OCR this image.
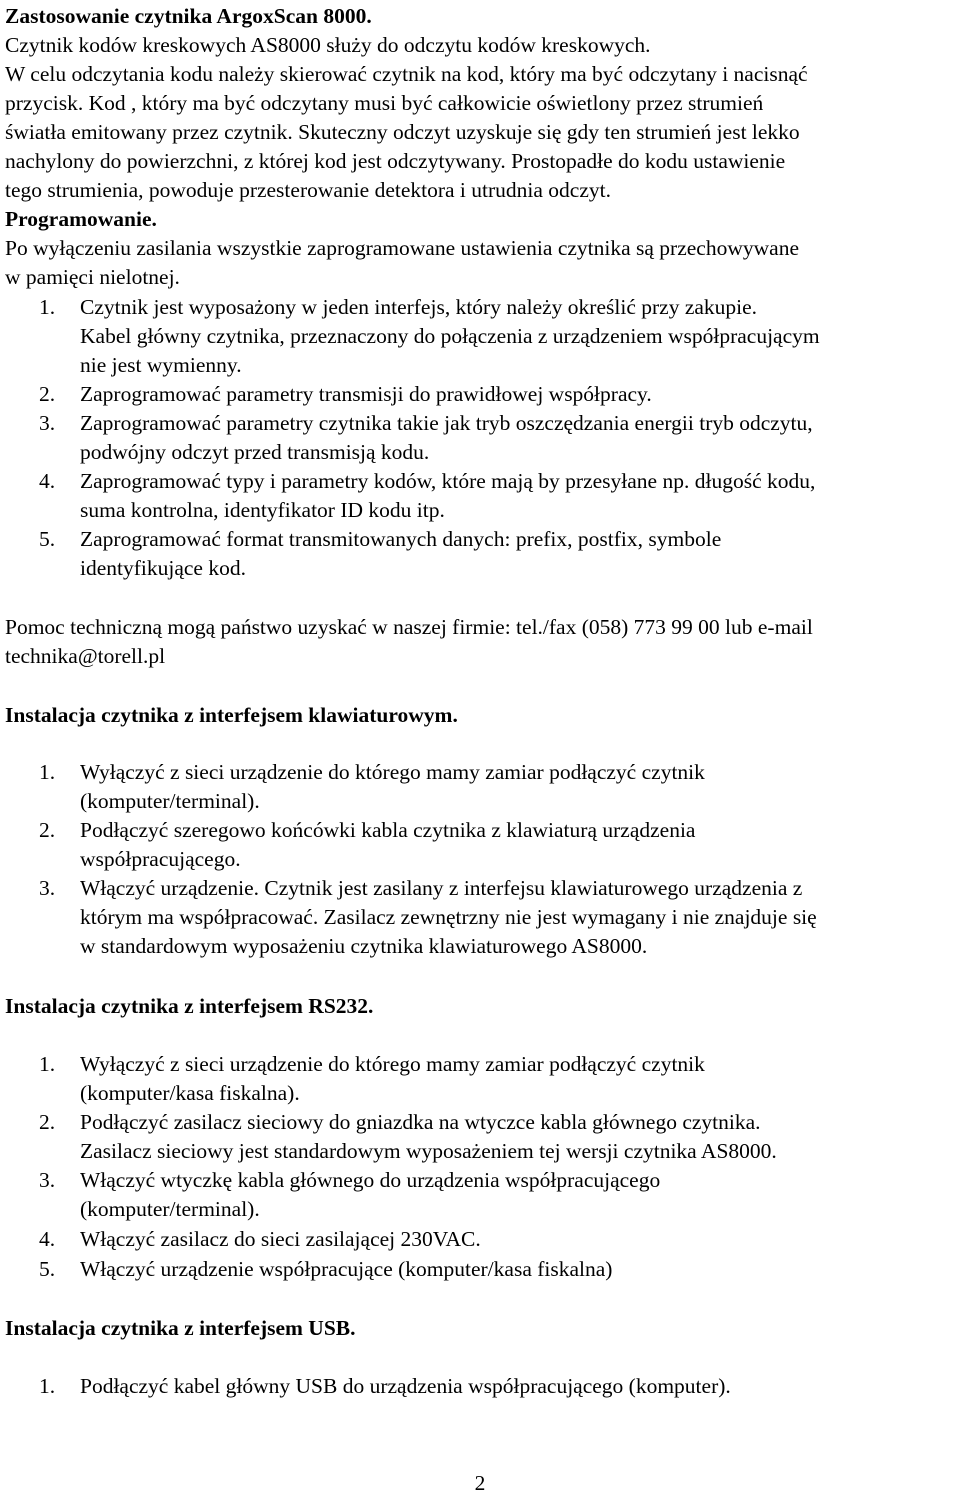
Zastosowanie czytnika ArgoxScan 8000.
Czytnik kodów kreskowych AS8000 służy do odczytu kodów kreskowych.
W celu odczytania kodu należy skierować czytnik na kod, który ma być odczytany i nacisnąć
przycisk. Kod , który ma być odczytany musi być całkowicie oświetlony przez strumień
światła emitowany przez czytnik. Skuteczny odczyt uzyskuje się gdy ten strumień jest lekko
nachylony do powierzchni, z której kod jest odczytywany. Prostopadłe do kodu ustawienie
tego strumienia, powoduje przesterowanie detektora i utrudnia odczyt.
Programowanie.
Po wyłączeniu zasilania wszystkie zaprogramowane ustawienia czytnika są przechowywane
w pamięci nielotnej.
1. Czytnik jest wyposażony w jeden interfejs, który należy określić przy zakupie.
Kabel główny czytnika, przeznaczony do połączenia z urządzeniem współpracującym
nie jest wymienny.
2. Zaprogramować parametry transmisji do prawidłowej współpracy.
3. Zaprogramować parametry czytnika takie jak tryb oszczędzania energii tryb odczytu,
podwójny odczyt przed transmisją kodu.
4. Zaprogramować typy i parametry kodów, które mają by przesyłane np. długość kodu,
suma kontrolna, identyfikator ID kodu itp.
5. Zaprogramować format transmitowanych danych: prefix, postfix, symbole
identyfikujące kod.
Pomoc techniczną mogą państwo uzyskać w naszej firmie: tel./fax (058) 773 99 00 lub e-mail
technika@torell.pl
Instalacja czytnika z interfejsem klawiaturowym.
1. Wyłączyć z sieci urządzenie do którego mamy zamiar podłączyć czytnik
(komputer/terminal).
2. Podłączyć szeregowo końcówki kabla czytnika z klawiaturą urządzenia
współpracującego.
3. Włączyć urządzenie. Czytnik jest zasilany z interfejsu klawiaturowego urządzenia z
którym ma współpracować. Zasilacz zewnętrzny nie jest wymagany i nie znajduje się
w standardowym wyposażeniu czytnika klawiaturowego AS8000.
Instalacja czytnika z interfejsem RS232.
1. Wyłączyć z sieci urządzenie do którego mamy zamiar podłączyć czytnik
(komputer/kasa fiskalna).
2. Podłączyć zasilacz sieciowy do gniazdka na wtyczce kabla głównego czytnika.
Zasilacz sieciowy jest standardowym wyposażeniem tej wersji czytnika AS8000.
3. Włączyć wtyczkę kabla głównego do urządzenia współpracującego
(komputer/terminal).
4. Włączyć zasilacz do sieci zasilającej 230VAC.
5. Włączyć urządzenie współpracujące (komputer/kasa fiskalna)
Instalacja czytnika z interfejsem USB.
1. Podłączyć kabel główny USB do urządzenia współpracującego (komputer).
2
